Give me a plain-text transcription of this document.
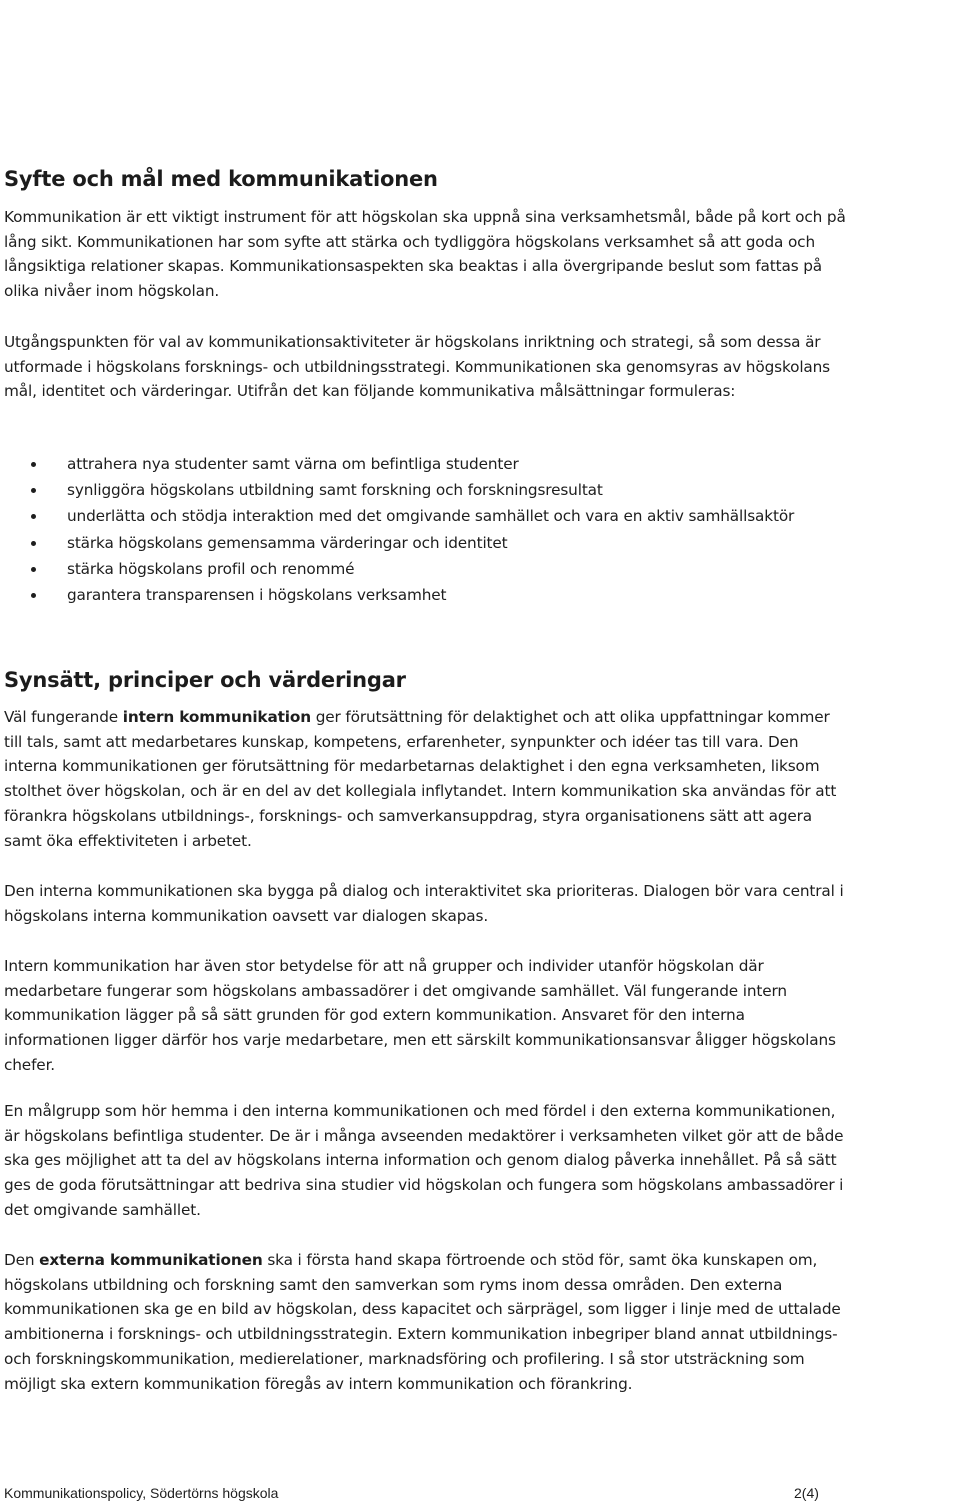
Syfte och mål med kommunikationen

Kommunikation är ett viktigt instrument för att högskolan ska uppnå sina verksamhetsmål, både på kort och på lång sikt. Kommunikationen har som syfte att stärka och tydliggöra högskolans verksamhet så att goda och långsiktiga relationer skapas. Kommunikationsaspekten ska beaktas i alla övergripande beslut som fattas på olika nivåer inom högskolan.

Utgångspunkten för val av kommunikationsaktiviteter är högskolans inriktning och strategi, så som dessa är utformade i högskolans forsknings- och utbildningsstrategi. Kommunikationen ska genomsyras av högskolans mål, identitet och värderingar. Utifrån det kan följande kommunikativa målsättningar formuleras:

attrahera nya studenter samt värna om befintliga studenter
synliggöra högskolans utbildning samt forskning och forskningsresultat
underlätta och stödja interaktion med det omgivande samhället och vara en aktiv samhällsaktör
stärka högskolans gemensamma värderingar och identitet
stärka högskolans profil och renommé
garantera transparensen i högskolans verksamhet
Synsätt, principer och värderingar

Väl fungerande intern kommunikation ger förutsättning för delaktighet och att olika uppfattningar kommer till tals, samt att medarbetares kunskap, kompetens, erfarenheter, synpunkter och idéer tas till vara. Den interna kommunikationen ger förutsättning för medarbetarnas delaktighet i den egna verksamheten, liksom stolthet över högskolan, och är en del av det kollegiala inflytandet. Intern kommunikation ska användas för att förankra högskolans utbildnings-, forsknings- och samverkansuppdrag, styra organisationens sätt att agera samt öka effektiviteten i arbetet.

Den interna kommunikationen ska bygga på dialog och interaktivitet ska prioriteras. Dialogen bör vara central i högskolans interna kommunikation oavsett var dialogen skapas.

Intern kommunikation har även stor betydelse för att nå grupper och individer utanför högskolan där medarbetare fungerar som högskolans ambassadörer i det omgivande samhället. Väl fungerande intern kommunikation lägger på så sätt grunden för god extern kommunikation. Ansvaret för den interna informationen ligger därför hos varje medarbetare, men ett särskilt kommunikationsansvar åligger högskolans chefer.

En målgrupp som hör hemma i den interna kommunikationen och med fördel i den externa kommunikationen, är högskolans befintliga studenter. De är i många avseenden medaktörer i verksamheten vilket gör att de både ska ges möjlighet att ta del av högskolans interna information och genom dialog påverka innehållet. På så sätt ges de goda förutsättningar att bedriva sina studier vid högskolan och fungera som högskolans ambassadörer i det omgivande samhället.

Den externa kommunikationen ska i första hand skapa förtroende och stöd för, samt öka kunskapen om, högskolans utbildning och forskning samt den samverkan som ryms inom dessa områden. Den externa kommunikationen ska ge en bild av högskolan, dess kapacitet och särprägel, som ligger i linje med de uttalade ambitionerna i forsknings- och utbildningsstrategin. Extern kommunikation inbegriper bland annat utbildnings- och forskningskommunikation, medierelationer, marknadsföring och profilering. I så stor utsträckning som möjligt ska extern kommunikation föregås av intern kommunikation och förankring.

Kommunikationspolicy, Södertörns högskola	2(4)
